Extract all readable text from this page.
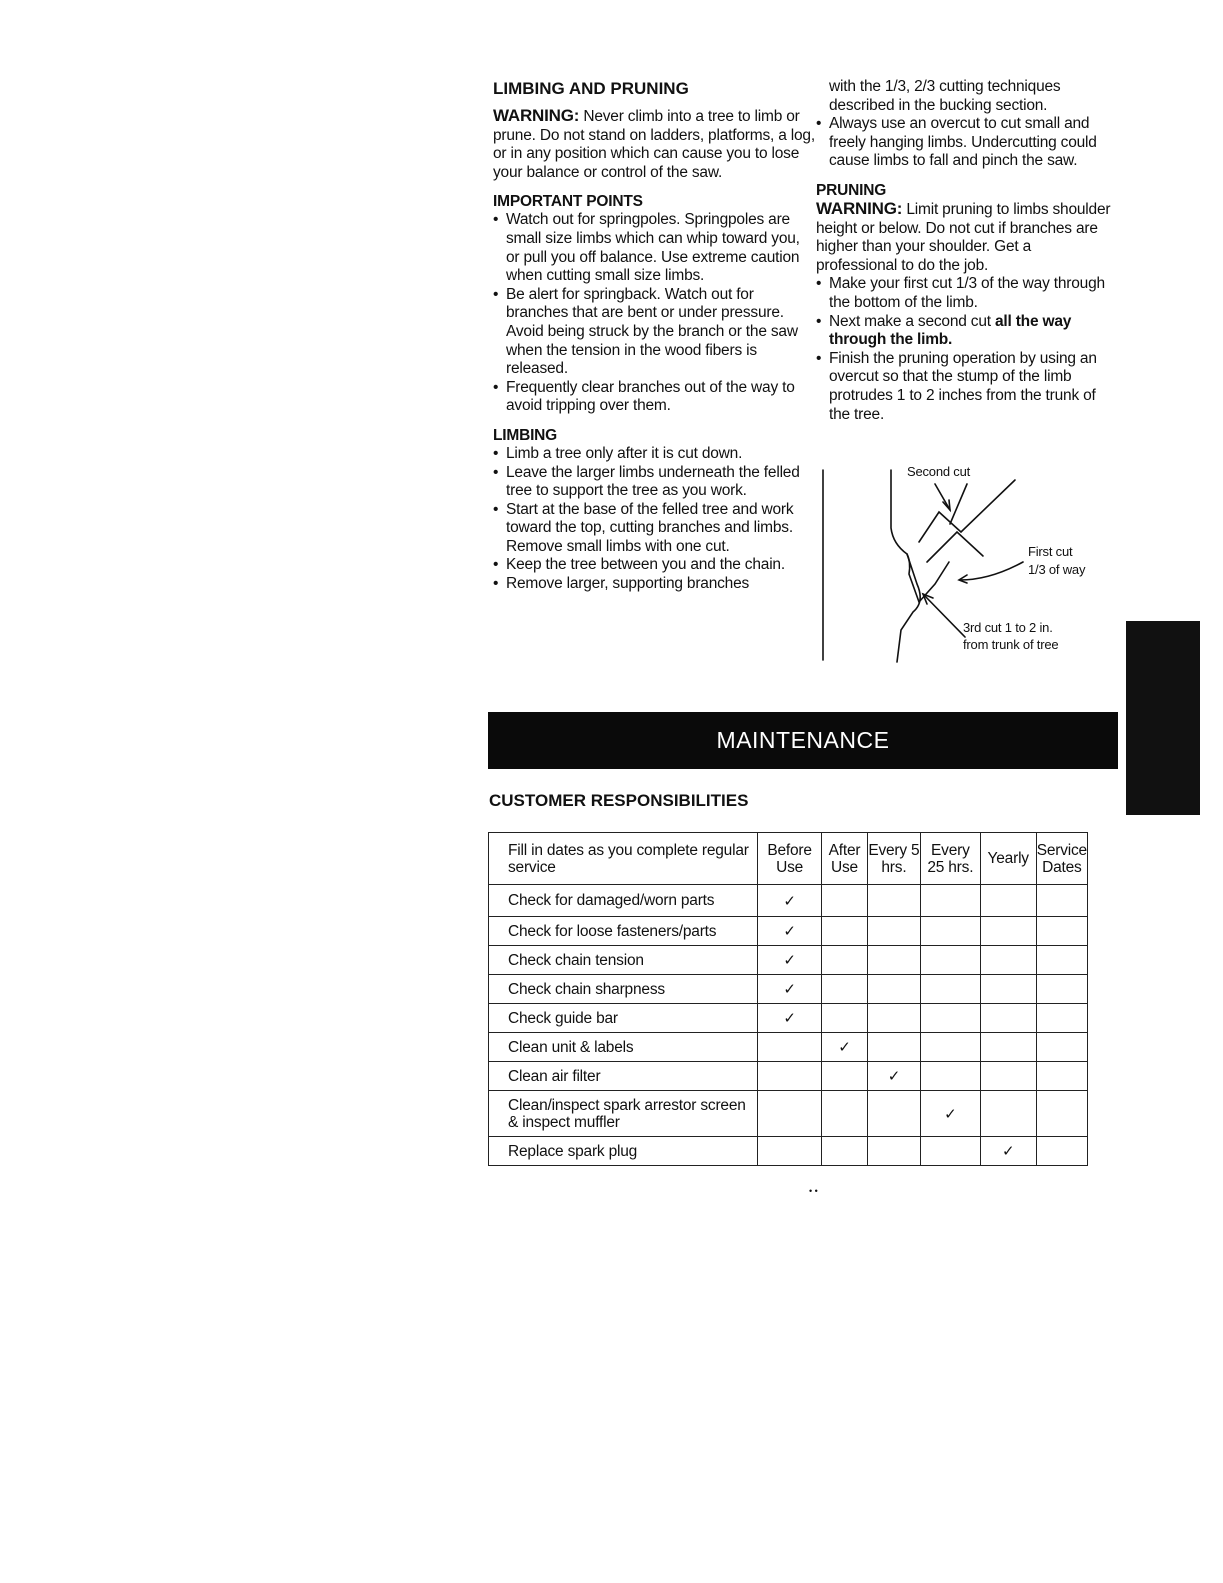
LIMBING AND PRUNING

WARNING: Never climb into a tree to limb or prune. Do not stand on ladders, platforms, a log, or in any position which can cause you to lose your balance or control of the saw.

IMPORTANT POINTS
• Watch out for springpoles. Springpoles are small size limbs which can whip toward you, or pull you off balance. Use extreme caution when cutting small size limbs.
• Be alert for springback. Watch out for branches that are bent or under pressure. Avoid being struck by the branch or the saw when the tension in the wood fibers is released.
• Frequently clear branches out of the way to avoid tripping over them.
LIMBING
• Limb a tree only after it is cut down.
• Leave the larger limbs underneath the felled tree to support the tree as you work.
• Start at the base of the felled tree and work toward the top, cutting branches and limbs. Remove small limbs with one cut.
• Keep the tree between you and the chain.
• Remove larger, supporting branches

with the 1/3, 2/3 cutting techniques described in the bucking section.

• Always use an overcut to cut small and freely hanging limbs. Undercutting could cause limbs to fall and pinch the saw.
PRUNING

WARNING: Limit pruning to limbs shoulder height or below. Do not cut if branches are higher than your shoulder. Get a professional to do the job.

• Make your first cut 1/3 of the way through the bottom of the limb.
• Next make a second cut all the way through the limb.
• Finish the pruning operation by using an overcut so that the stump of the limb protrudes 1 to 2 inches from the trunk of the tree.
Second cut
First cut
1/3 of way
3rd cut 1 to 2 in.
from trunk of tree
MAINTENANCE
CUSTOMER RESPONSIBILITIES
Fill in dates as you complete regular service	Before Use	After Use	Every 5 hrs.	Every 25 hrs.	Yearly	Service Dates
Check for damaged/worn parts	✓					
Check for loose fasteners/parts	✓					
Check chain tension	✓					
Check chain sharpness	✓					
Check guide bar	✓					
Clean unit & labels		✓				
Clean air filter			✓			
Clean/inspect spark arrestor screen & inspect muffler				✓		
Replace spark plug					✓	
• •
